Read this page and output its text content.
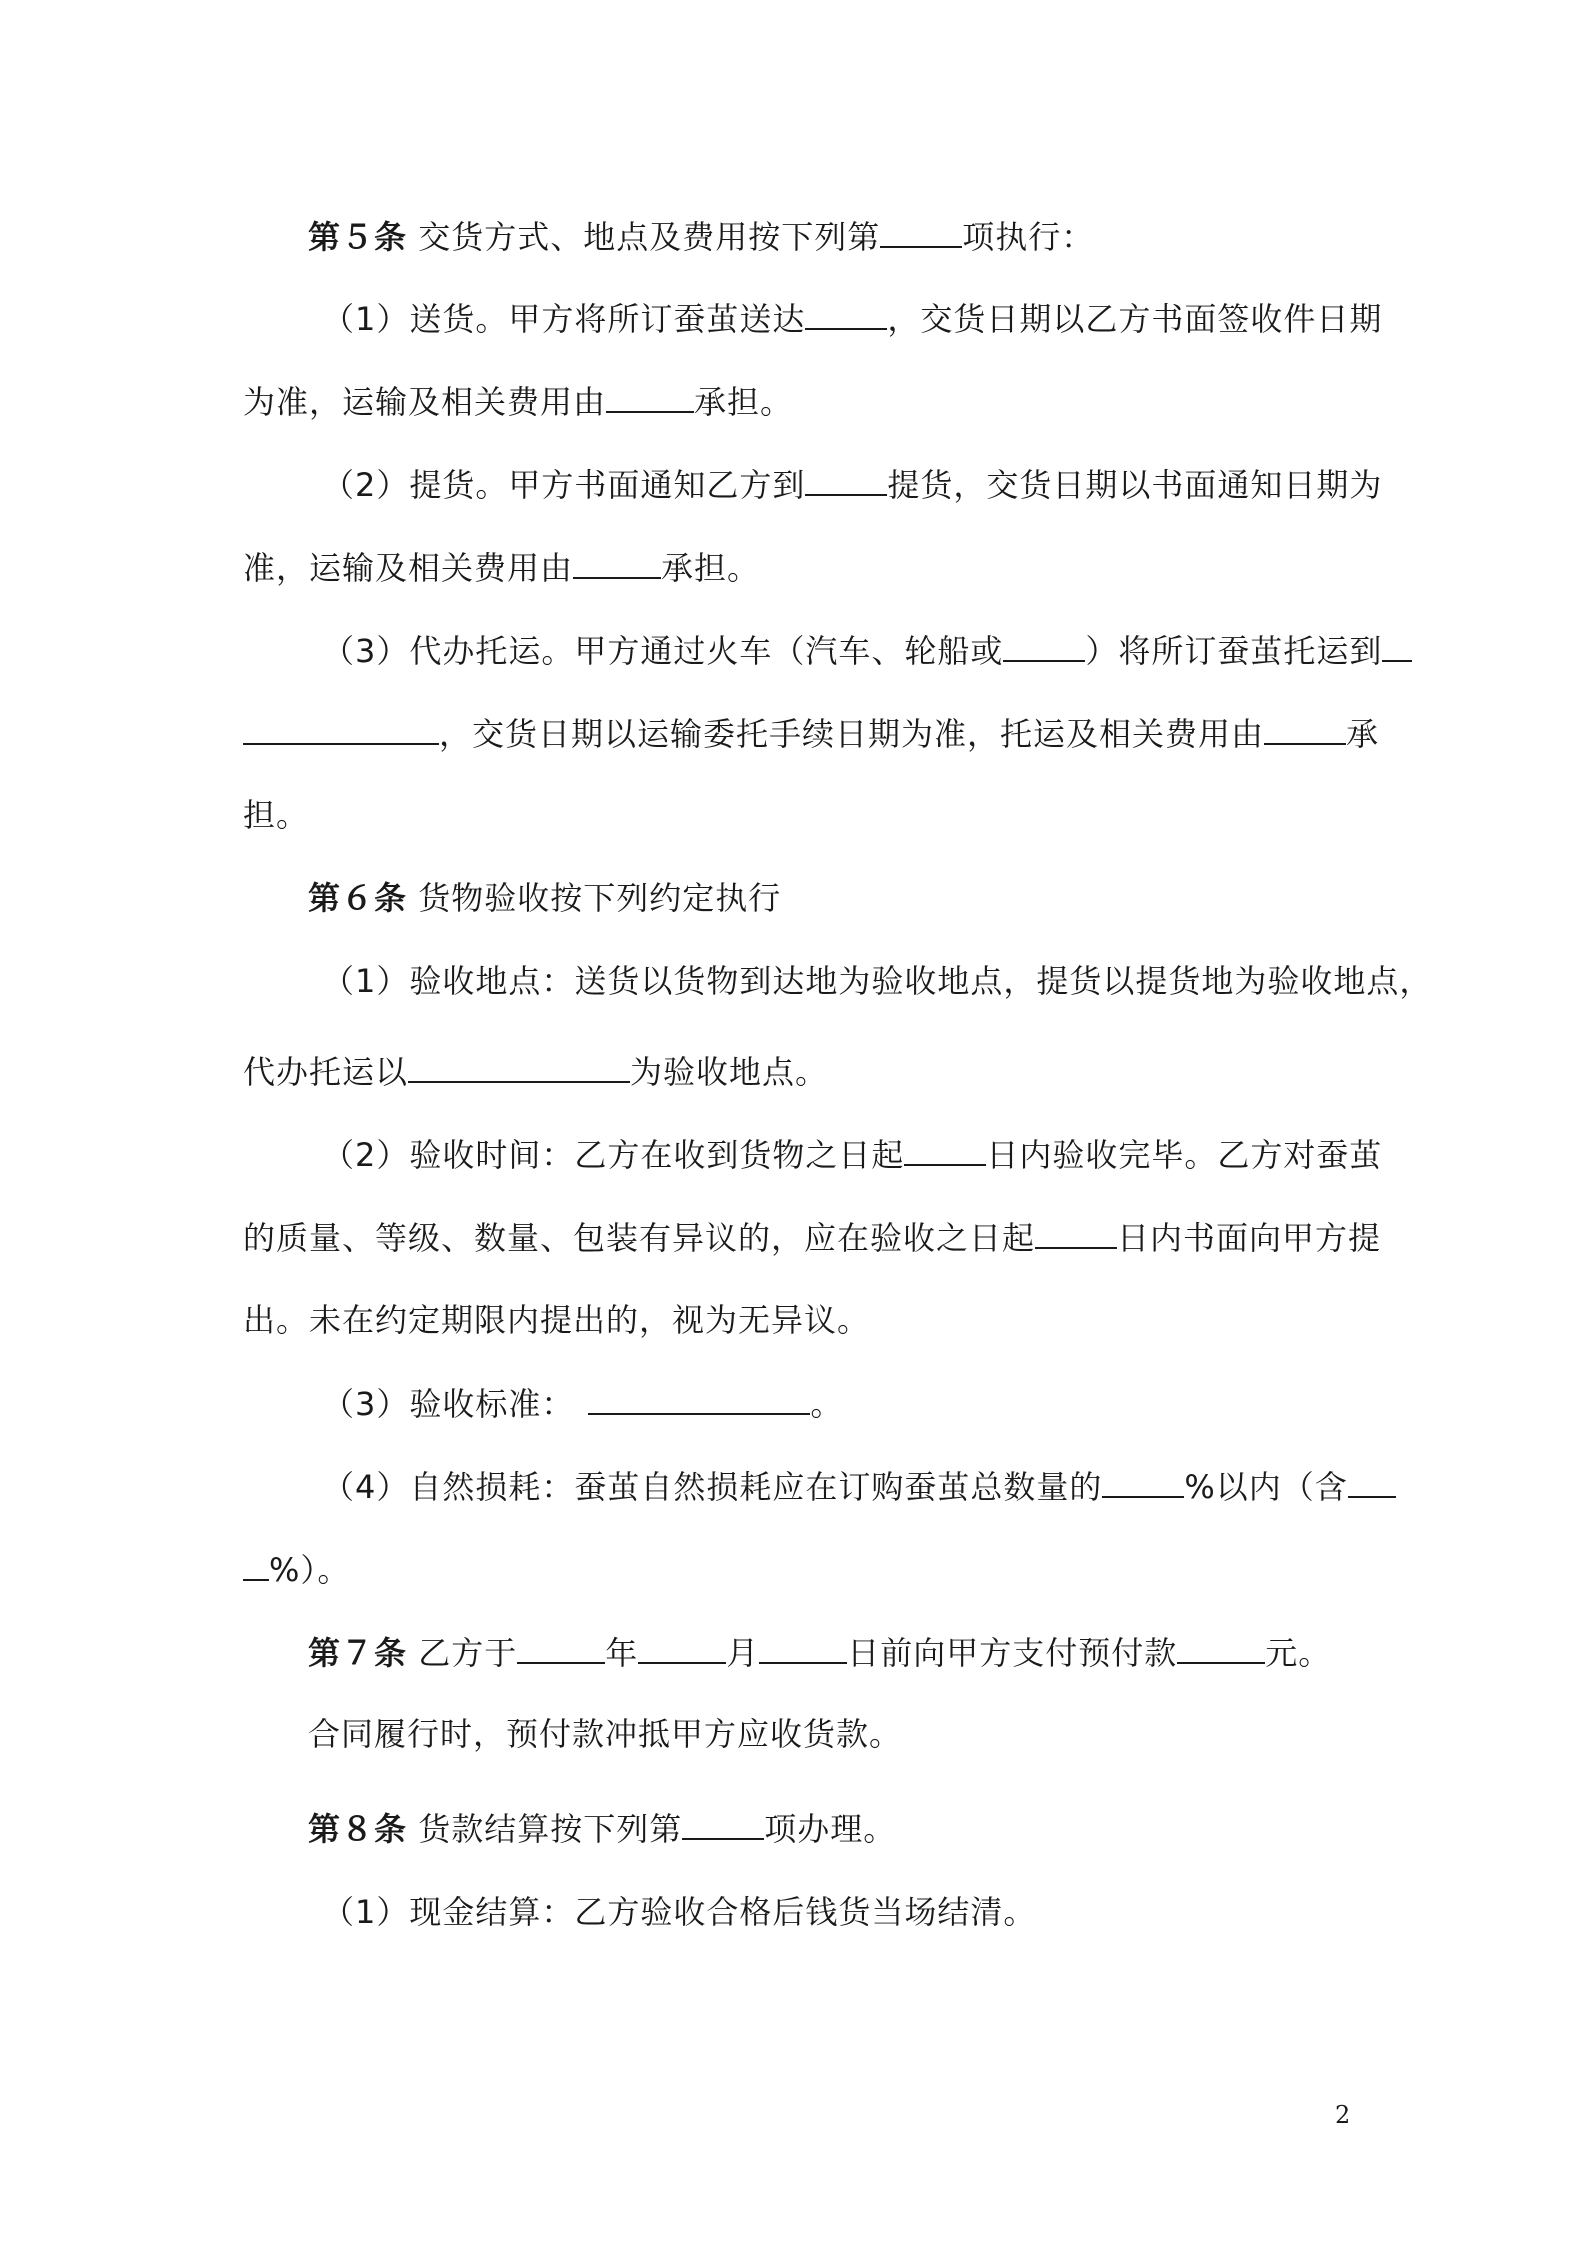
第５条 交货方式、地点及费用按下列第	项执行：
（1）送货。甲方将所订蚕茧送达	，交货日期以乙方书面签收件日期
为准，运输及相关费用由	承担。
（2）提货。甲方书面通知乙方到	提货，交货日期以书面通知日期为
准，运输及相关费用由	承担。
（3）代办托运。甲方通过火车（汽车、轮船或	）将所订蚕茧托运到
，交货日期以运输委托手续日期为准，托运及相关费用由	承
担。
第６条 货物验收按下列约定执行
（1）验收地点：送货以货物到达地为验收地点，提货以提货地为验收地点，
代办托运以	为验收地点。
（2）验收时间：乙方在收到货物之日起	日内验收完毕。乙方对蚕茧
的质量、等级、数量、包装有异议的，应在验收之日起	日内书面向甲方提
出。未在约定期限内提出的，视为无异议。
（3）验收标准：	。
（4）自然损耗：蚕茧自然损耗应在订购蚕茧总数量的	%以内（含
%）。
第７条 乙方于	年	月	日前向甲方支付预付款	元。
合同履行时，预付款冲抵甲方应收货款。
第８条 货款结算按下列第	项办理。
（1）现金结算：乙方验收合格后钱货当场结清。
2
